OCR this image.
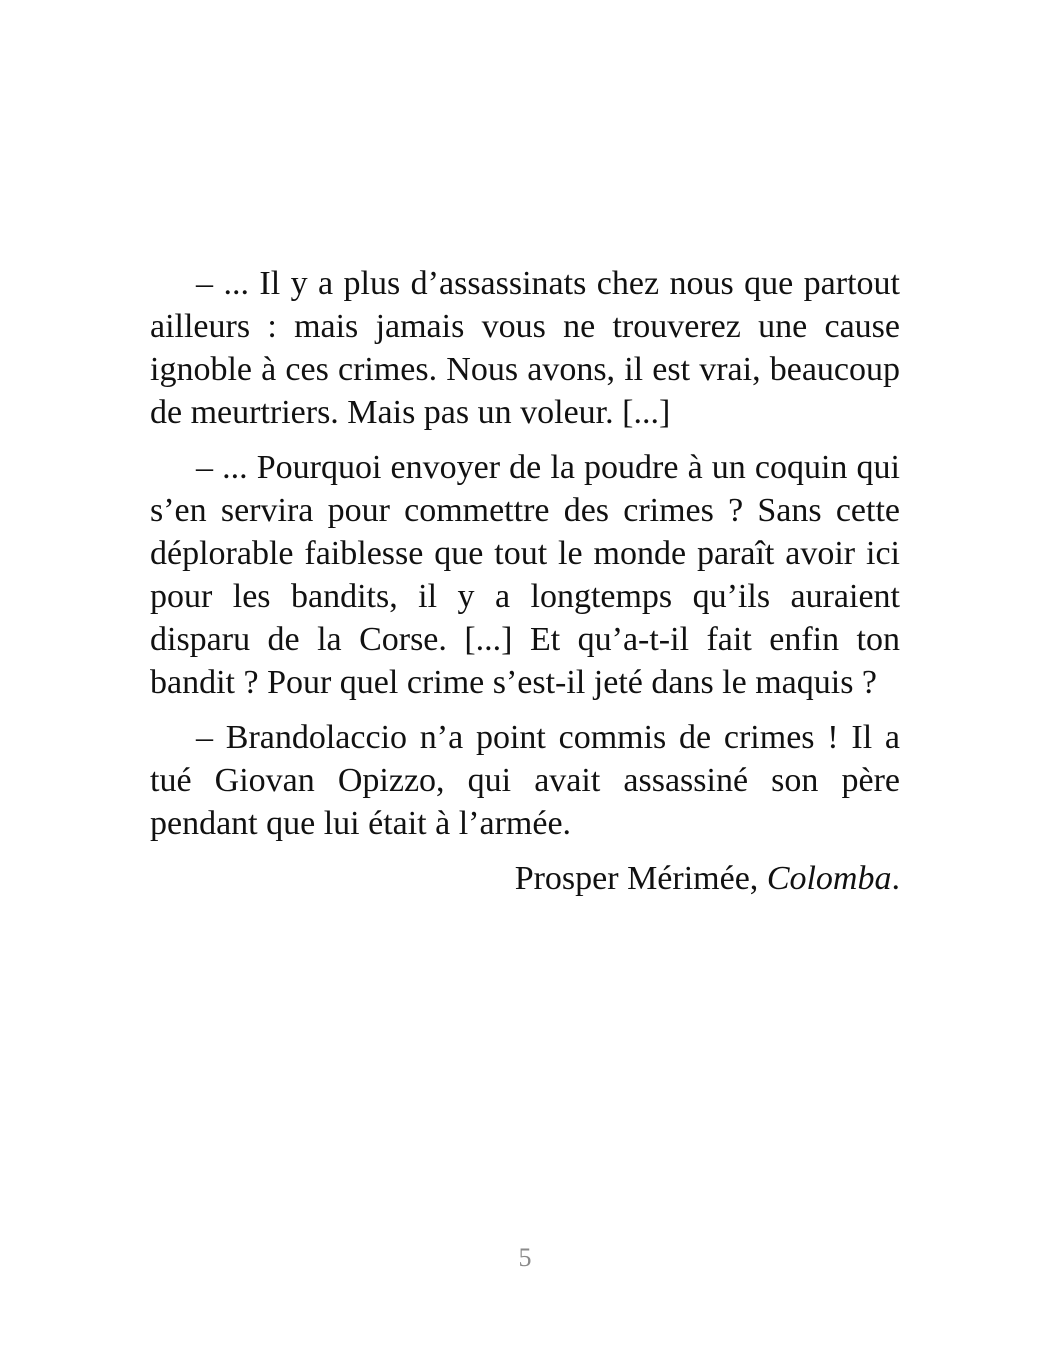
– ... Il y a plus d’assassinats chez nous que partout ailleurs : mais jamais vous ne trouverez une cause ignoble à ces crimes. Nous avons, il est vrai, beaucoup de meurtriers. Mais pas un voleur. [...]

– ... Pourquoi envoyer de la poudre à un coquin qui s’en servira pour commettre des crimes ? Sans cette déplorable faiblesse que tout le monde paraît avoir ici pour les bandits, il y a longtemps qu’ils auraient disparu de la Corse. [...] Et qu’a-t-il fait enfin ton bandit ? Pour quel crime s’est-il jeté dans le maquis ?

– Brandolaccio n’a point commis de crimes ! Il a tué Giovan Opizzo, qui avait assassiné son père pendant que lui était à l’armée.

Prosper Mérimée, Colomba.

5
